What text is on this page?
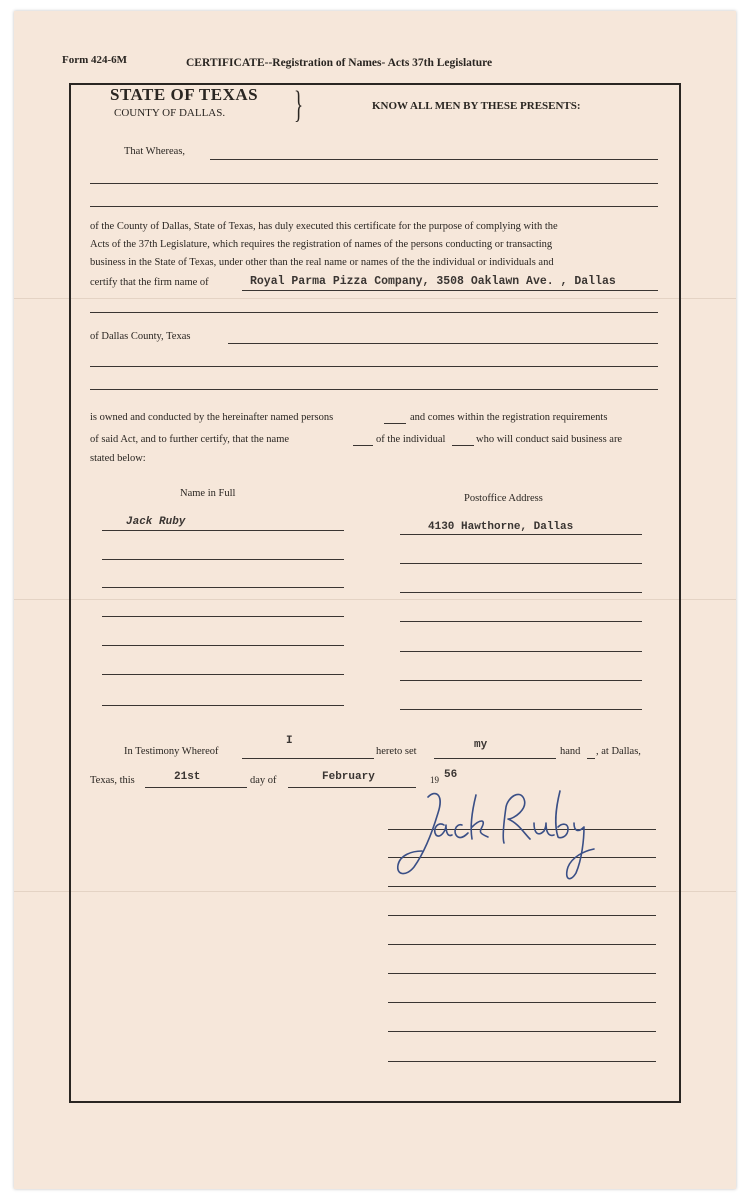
Form 424-6M	CERTIFICATE--Registration of Names- Acts 37th Legislature
STATE OF TEXAS
COUNTY OF DALLAS. }	KNOW ALL MEN BY THESE PRESENTS:
That Whereas,
of the County of Dallas, State of Texas, has duly executed this certificate for the purpose of complying with the
Acts of the 37th Legislature, which requires the registration of names of the persons conducting or transacting
business in the State of Texas, under other than the real name or names of the the individual or individuals and
certify that the firm name of	Royal Parma Pizza Company, 3508 Oaklawn Ave. , Dallas
of Dallas County, Texas
is owned and conducted by the hereinafter named persons	and comes within the registration requirements
of said Act, and to further certify, that the name	of the individual	who will conduct said business are
stated below:
Name in Full	Postoffice Address
Jack Ruby	4130 Hawthorne, Dallas
In Testimony Whereof
I
hereto set
my
hand , at Dallas,
Texas, this	21st	day of	February	19 56
